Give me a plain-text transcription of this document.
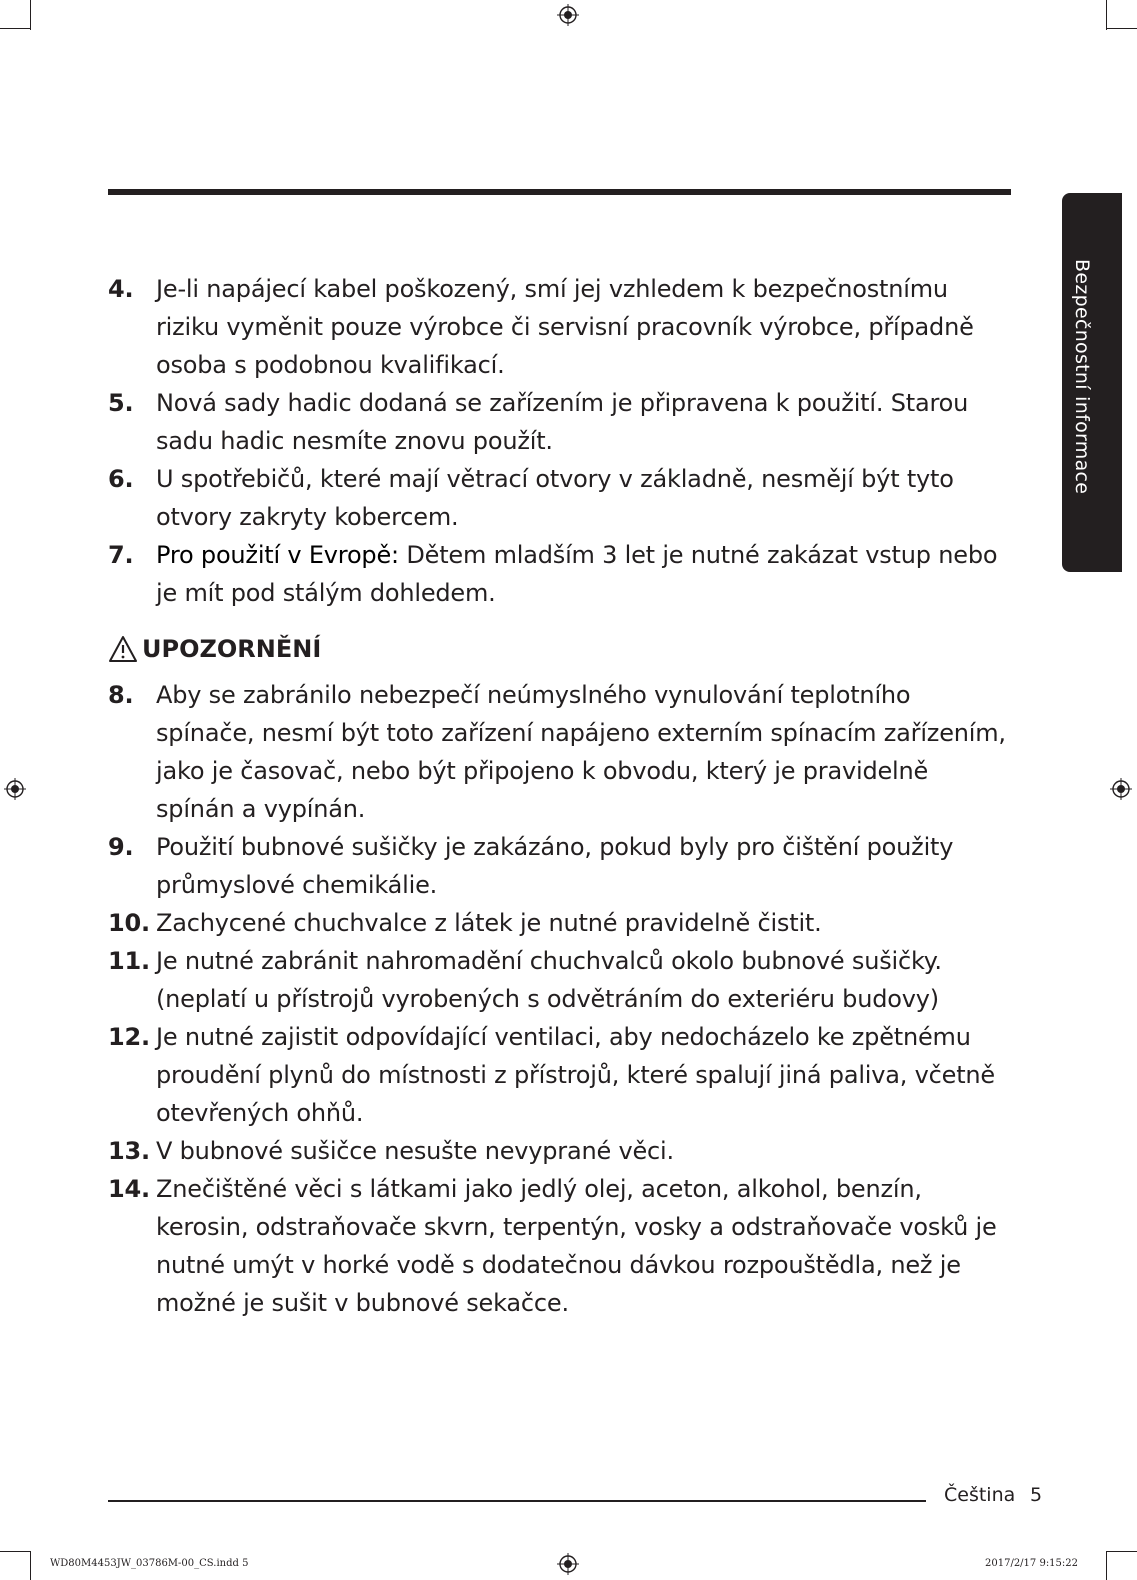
Bezpečnostní informace
4. Je-li napájecí kabel poškozený, smí jej vzhledem k bezpečnostnímu riziku vyměnit pouze výrobce či servisní pracovník výrobce, případně osoba s podobnou kvalifikací.
5. Nová sady hadic dodaná se zařízením je připravena k použití. Starou sadu hadic nesmíte znovu použít.
6. U spotřebičů, které mají větrací otvory v základně, nesmějí být tyto otvory zakryty kobercem.
7. Pro použití v Evropě: Dětem mladším 3 let je nutné zakázat vstup nebo je mít pod stálým dohledem.
UPOZORNĚNÍ
8. Aby se zabránilo nebezpečí neúmyslného vynulování teplotního spínače, nesmí být toto zařízení napájeno externím spínacím zařízením, jako je časovač, nebo být připojeno k obvodu, který je pravidelně spínán a vypínán.
9. Použití bubnové sušičky je zakázáno, pokud byly pro čištění použity průmyslové chemikálie.
10. Zachycené chuchvalce z látek je nutné pravidelně čistit.
11. Je nutné zabránit nahromadění chuchvalců okolo bubnové sušičky. (neplatí u přístrojů vyrobených s odvětráním do exteriéru budovy)
12. Je nutné zajistit odpovídající ventilaci, aby nedocházelo ke zpětnému proudění plynů do místnosti z přístrojů, které spalují jiná paliva, včetně otevřených ohňů.
13. V bubnové sušičce nesušte nevyprané věci.
14. Znečištěné věci s látkami jako jedlý olej, aceton, alkohol, benzín, kerosin, odstraňovače skvrn, terpentýn, vosky a odstraňovače vosků je nutné umýt v horké vodě s dodatečnou dávkou rozpouštědla, než je možné je sušit v bubnové sekačce.
Čeština 5
WD80M4453JW_03786M-00_CS.indd 5	2017/2/17 9:15:22
